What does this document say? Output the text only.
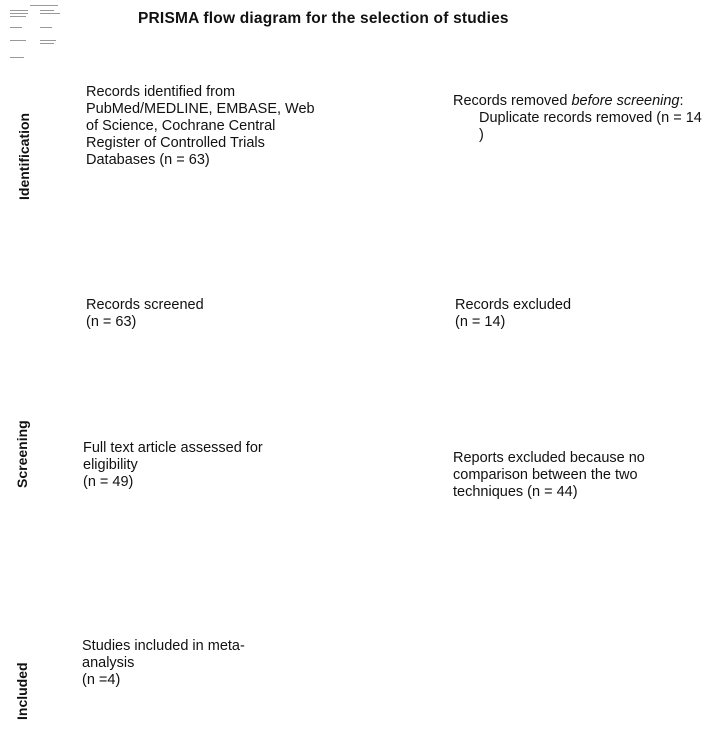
PRISMA flow diagram for the selection of studies
Identification
Screening
Included
Records identified from PubMed/MEDLINE, EMBASE, Web of Science, Cochrane Central Register of Controlled Trials Databases (n = 63)
Records removed before screening:
Duplicate records removed (n = 14 )
Records screened
(n = 63)
Records excluded
(n = 14)
Full text article assessed for eligibility
(n = 49)
Reports excluded because no comparison between the two techniques (n = 44)
Studies included in meta-analysis
(n =4)
